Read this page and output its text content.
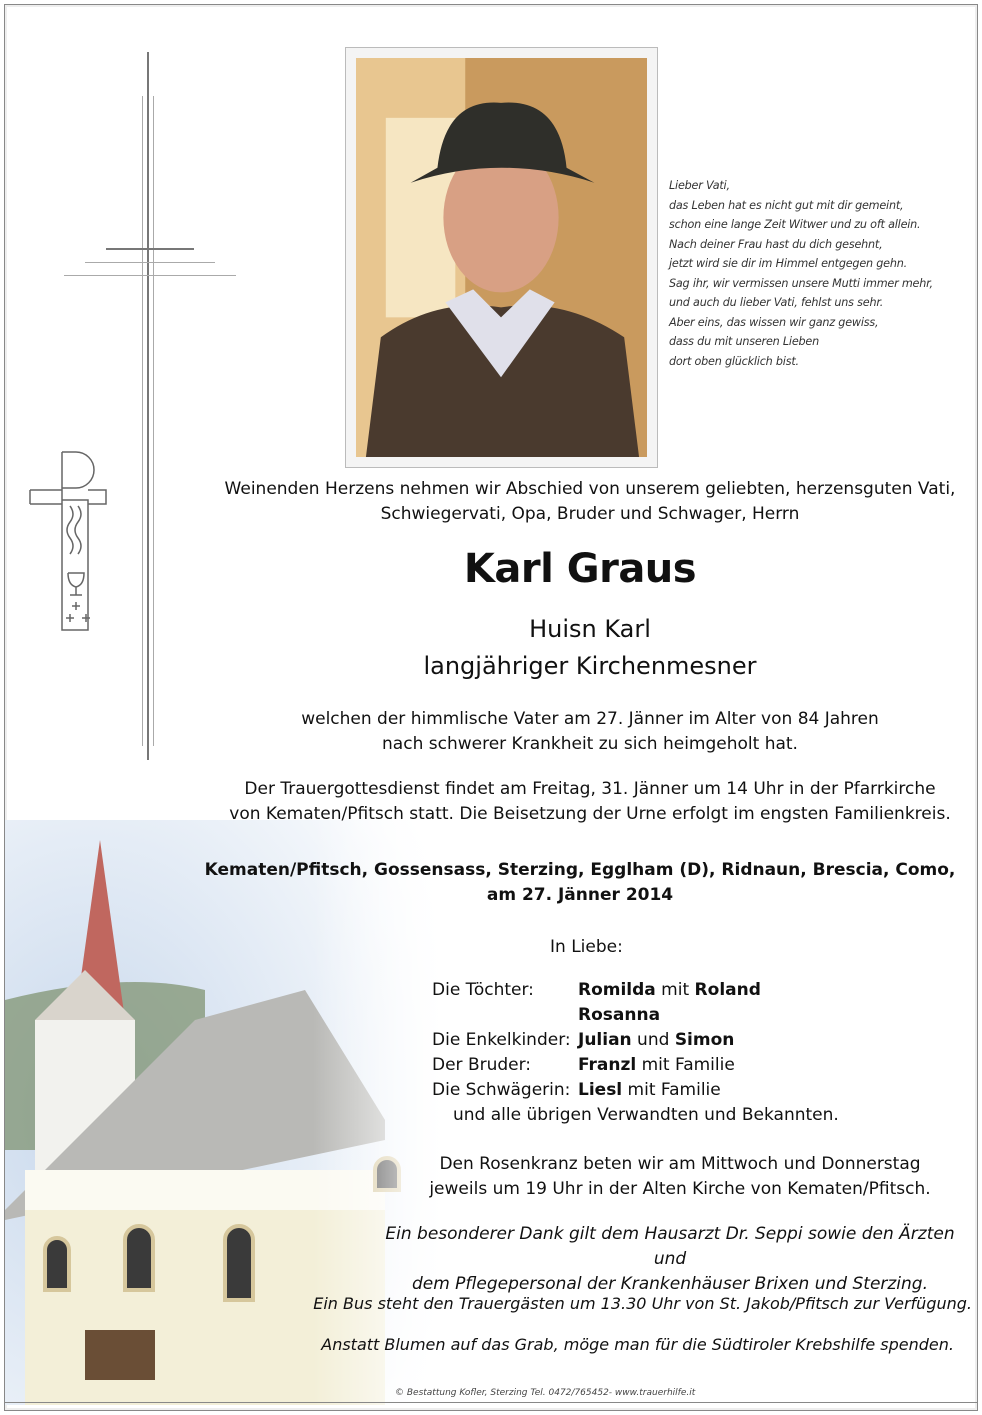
Lieber Vati,
das Leben hat es nicht gut mit dir gemeint,
schon eine lange Zeit Witwer und zu oft allein.
Nach deiner Frau hast du dich gesehnt,
jetzt wird sie dir im Himmel entgegen gehn.
Sag ihr, wir vermissen unsere Mutti immer mehr,
und auch du lieber Vati, fehlst uns sehr.
Aber eins, das wissen wir ganz gewiss,
dass du mit unseren Lieben
dort oben glücklich bist.
Weinenden Herzens nehmen wir Abschied von unserem geliebten, herzensguten Vati,
Schwiegervati, Opa, Bruder und Schwager, Herrn
Karl Graus
Huisn Karl
langjähriger Kirchenmesner
welchen der himmlische Vater am 27. Jänner im Alter von 84 Jahren
nach schwerer Krankheit zu sich heimgeholt hat.
Der Trauergottesdienst findet am Freitag, 31. Jänner um 14 Uhr in der Pfarrkirche
von Kematen/Pfitsch statt. Die Beisetzung der Urne erfolgt im engsten Familienkreis.
Kematen/Pfitsch, Gossensass, Sterzing, Egglham (D), Ridnaun, Brescia, Como,
am 27. Jänner 2014
In Liebe:
Die Töchter:	Romilda mit Roland
Rosanna
Die Enkelkinder: Julian und Simon
Der Bruder:	Franzl mit Familie
Die Schwägerin: Liesl mit Familie
und alle übrigen Verwandten und Bekannten.
Den Rosenkranz beten wir am Mittwoch und Donnerstag
jeweils um 19 Uhr in der Alten Kirche von Kematen/Pfitsch.
Ein besonderer Dank gilt dem Hausarzt Dr. Seppi sowie den Ärzten und
dem Pflegepersonal der Krankenhäuser Brixen und Sterzing.
Ein Bus steht den Trauergästen um 13.30 Uhr von St. Jakob/Pfitsch zur Verfügung.
Anstatt Blumen auf das Grab, möge man für die Südtiroler Krebshilfe spenden.
© Bestattung Kofler, Sterzing Tel. 0472/765452- www.trauerhilfe.it
